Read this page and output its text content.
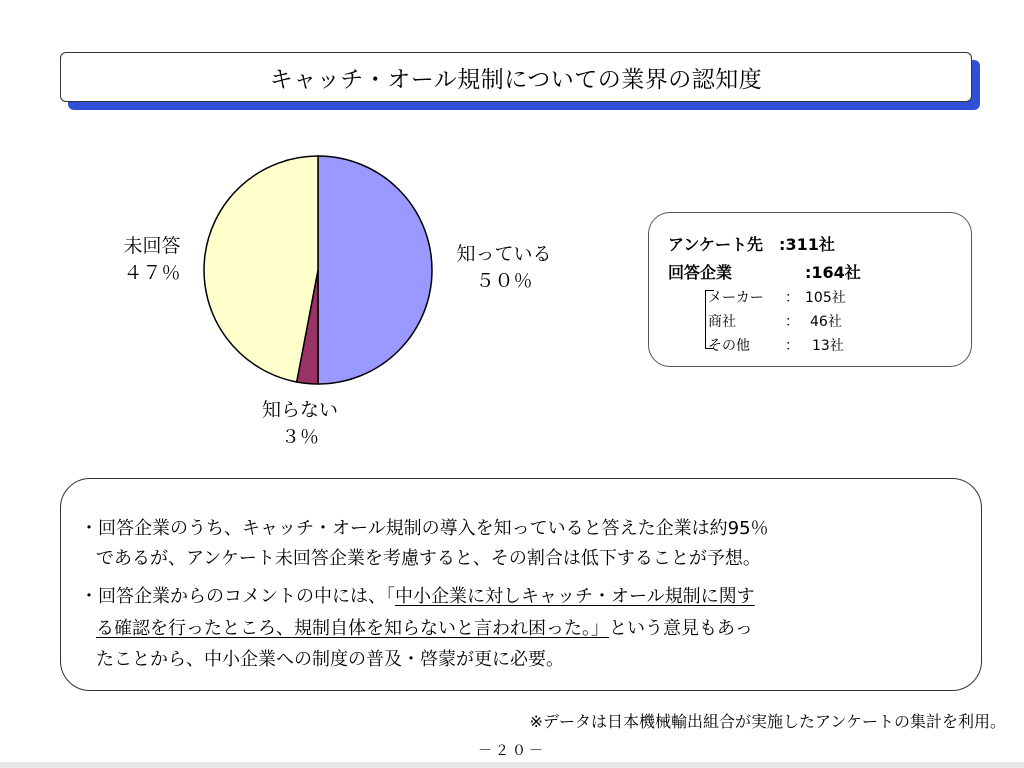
キャッチ・オール規制についての業界の認知度
知っている
５０％
知らない
３％
未回答
４７％
アンケート先　:311社
回答企業	:164社
メーカー ： 105社
商社	： 46社
その他	： 13社
・回答企業のうち、キャッチ・オール規制の導入を知っていると答えた企業は約95％
であるが、アンケート未回答企業を考慮すると、その割合は低下することが予想。
・回答企業からのコメントの中には、「中小企業に対しキャッチ・オール規制に関す
る確認を行ったところ、規制自体を知らないと言われ困った。」という意見もあっ
たことから、中小企業への制度の普及・啓蒙が更に必要。
※データは日本機械輸出組合が実施したアンケートの集計を利用。
－２０－
